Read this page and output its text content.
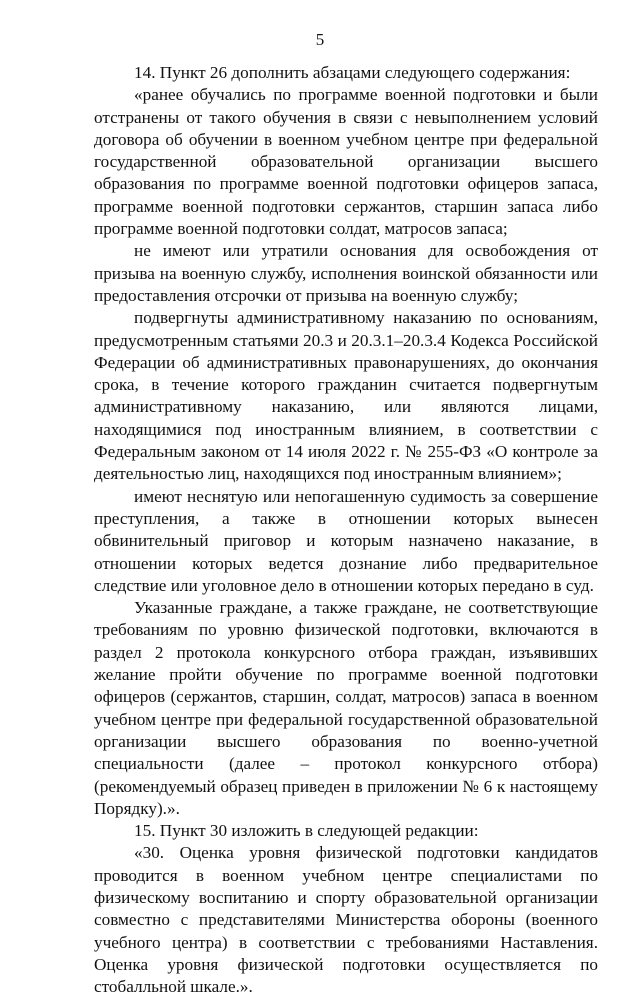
5

14. Пункт 26 дополнить абзацами следующего содержания:

«ранее обучались по программе военной подготовки и были отстранены от такого обучения в связи с невыполнением условий договора об обучении в военном учебном центре при федеральной государственной образовательной организации высшего образования по программе военной подготовки офицеров запаса, программе военной подготовки сержантов, старшин запаса либо программе военной подготовки солдат, матросов запаса;

не имеют или утратили основания для освобождения от призыва на военную службу, исполнения воинской обязанности или предоставления отсрочки от призыва на военную службу;

подвергнуты административному наказанию по основаниям, предусмотренным статьями 20.3 и 20.3.1–20.3.4 Кодекса Российской Федерации об административных правонарушениях, до окончания срока, в течение которого гражданин считается подвергнутым административному наказанию, или являются лицами, находящимися под иностранным влиянием, в соответствии с Федеральным законом от 14 июля 2022 г. № 255-ФЗ «О контроле за деятельностью лиц, находящихся под иностранным влиянием»;

имеют неснятую или непогашенную судимость за совершение преступления, а также в отношении которых вынесен обвинительный приговор и которым назначено наказание, в отношении которых ведется дознание либо предварительное следствие или уголовное дело в отношении которых передано в суд.

Указанные граждане, а также граждане, не соответствующие требованиям по уровню физической подготовки, включаются в раздел 2 протокола конкурсного отбора граждан, изъявивших желание пройти обучение по программе военной подготовки офицеров (сержантов, старшин, солдат, матросов) запаса в военном учебном центре при федеральной государственной образовательной организации высшего образования по военно-учетной специальности (далее – протокол конкурсного отбора) (рекомендуемый образец приведен в приложении № 6 к настоящему Порядку).».

15. Пункт 30 изложить в следующей редакции:

«30. Оценка уровня физической подготовки кандидатов проводится в военном учебном центре специалистами по физическому воспитанию и спорту образовательной организации совместно с представителями Министерства обороны (военного учебного центра) в соответствии с требованиями Наставления. Оценка уровня физической подготовки осуществляется по стобалльной шкале.».
